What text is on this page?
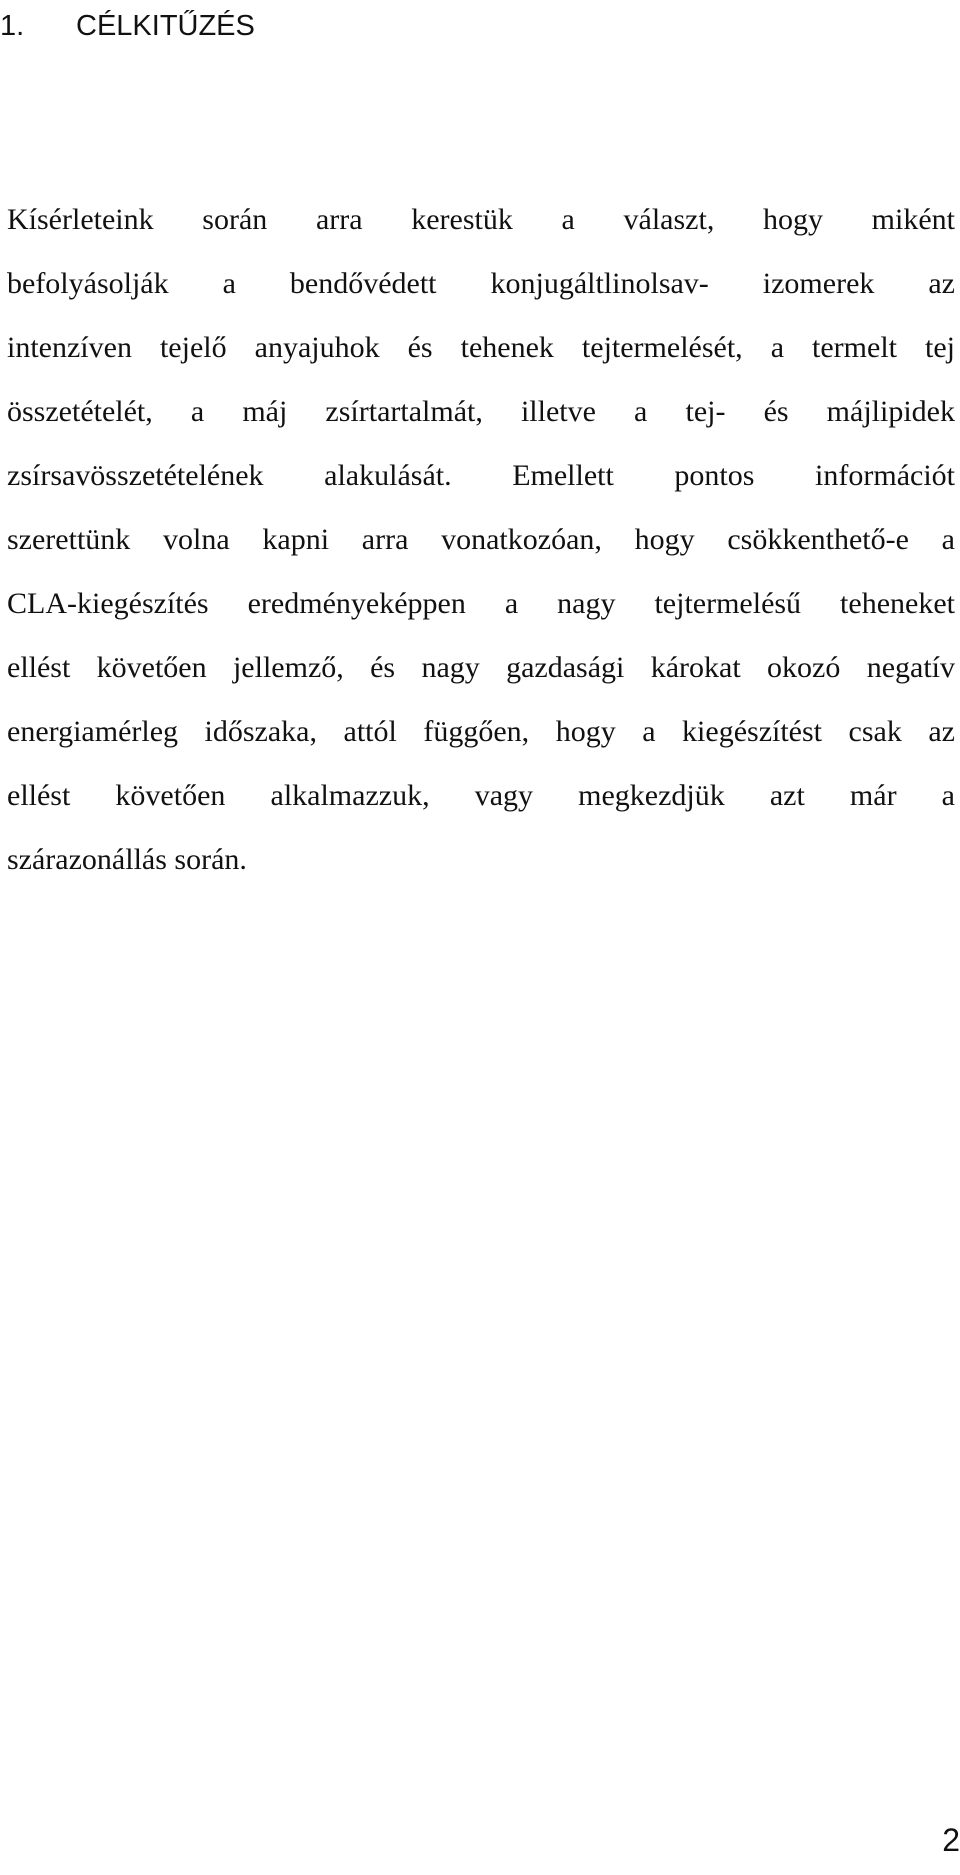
1. CÉLKITŰZÉS
Kísérleteink során arra kerestük a választ, hogy miként
befolyásolják a bendővédett konjugáltlinolsav- izomerek az
intenzíven tejelő anyajuhok és tehenek tejtermelését, a termelt tej
összetételét, a máj zsírtartalmát, illetve a tej- és májlipidek
zsírsavösszetételének alakulását. Emellett pontos információt
szerettünk volna kapni arra vonatkozóan, hogy csökkenthető-e a
CLA-kiegészítés eredményeképpen a nagy tejtermelésű teheneket
ellést követően jellemző, és nagy gazdasági károkat okozó negatív
energiamérleg időszaka, attól függően, hogy a kiegészítést csak az
ellést követően alkalmazzuk, vagy megkezdjük azt már a
szárazonállás során.
2
